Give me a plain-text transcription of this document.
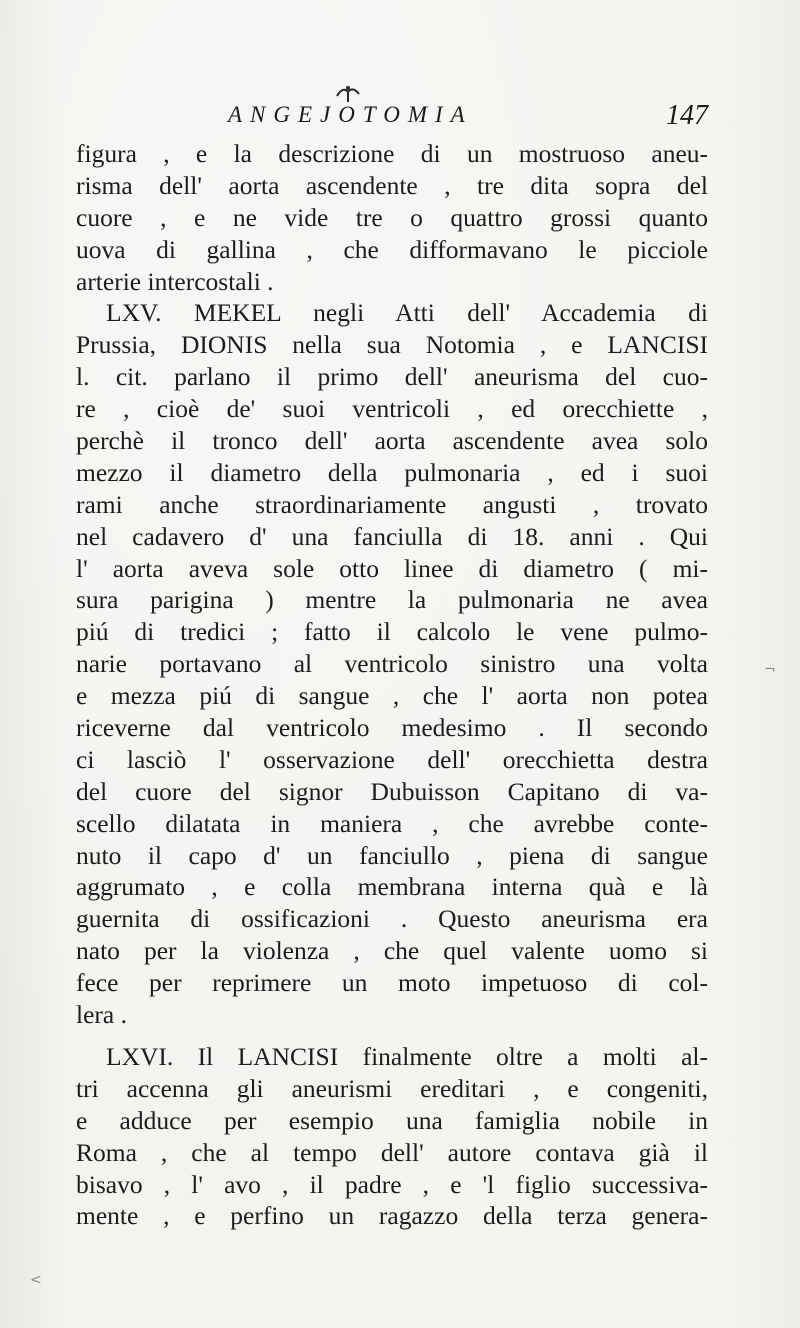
ANGEJOTOMIA	147
figura , e la descrizione di un mostruoso aneu-
risma dell' aorta ascendente , tre dita sopra del
cuore , e ne vide tre o quattro grossi quanto
uova di gallina , che difformavano le picciole
arterie intercostali .
LXV. MEKEL negli Atti dell' Accademia di
Prussia, DIONIS nella sua Notomia , e LANCISI
l. cit. parlano il primo dell' aneurisma del cuo-
re , cioè de' suoi ventricoli , ed orecchiette ,
perchè il tronco dell' aorta ascendente avea solo
mezzo il diametro della pulmonaria , ed i suoi
rami anche straordinariamente angusti , trovato
nel cadavero d' una fanciulla di 18. anni . Qui
l' aorta aveva sole otto linee di diametro ( mi-
sura parigina ) mentre la pulmonaria ne avea
piú di tredici ; fatto il calcolo le vene pulmo-
narie portavano al ventricolo sinistro una volta
e mezza piú di sangue , che l' aorta non potea
riceverne dal ventricolo medesimo . Il secondo
ci lasciò l' osservazione dell' orecchietta destra
del cuore del signor Dubuisson Capitano di va-
scello dilatata in maniera , che avrebbe conte-
nuto il capo d' un fanciullo , piena di sangue
aggrumato , e colla membrana interna quà e là
guernita di ossificazioni . Questo aneurisma era
nato per la violenza , che quel valente uomo si
fece per reprimere un moto impetuoso di col-
lera .
LXVI. Il LANCISI finalmente oltre a molti al-
tri accenna gli aneurismi ereditari , e congeniti,
e adduce per esempio una famiglia nobile in
Roma , che al tempo dell' autore contava già il
bisavo , l' avo , il padre , e 'l figlio successiva-
mente , e perfino un ragazzo della terza genera-
¬
<
